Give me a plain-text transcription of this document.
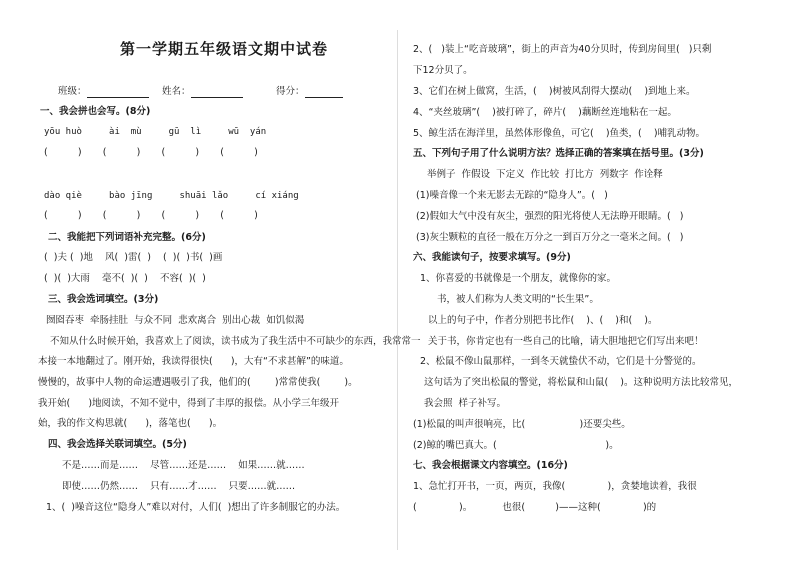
第一学期五年级语文期中试卷
班级：	姓名：	得分：
一、我会拼也会写。(8分)
yōu huò     ài  mù     gū  lì     wū  yán
(          )       (          )       (          )       (          )
dào qiè     bào jīng     shuāi lǎo     cí xiáng
(          )       (          )       (          )       (          )
二、我能把下列词语补充完整。(6分)
(  )夫 (  )地    风(  )雷(  )    (  )(  )书(  )画
(  )(  )大雨    毫不(  )(  )    不容(  )(  )
三、我会选词填空。(3分)
囫囵吞枣  牵肠挂肚  与众不同  悲欢离合  别出心裁  如饥似渴
不知从什么时候开始，我喜欢上了阅读，读书成为了我生活中不可缺少的东西，我常常一
本接一本地翻过了。刚开始，我读得很快(      )，大有“不求甚解”的味道。
慢慢的，故事中人物的命运遭遇吸引了我，他们的(        )常常使我(        )。
我开始(      )地阅读，不知不觉中，得到了丰厚的报偿。从小学三年级开
始，我的作文构思就(      )，落笔也(      )。
四、我会选择关联词填空。(5分)
不是……而是……    尽管……还是……    如果……就……
即使……仍然……    只有……才……    只要……就……
1、(  )噪音这位“隐身人”难以对付，人们(  )想出了许多制服它的办法。
2、(   )装上“吃音玻璃”，街上的声音为40分贝时，传到房间里(   )只剩
下12分贝了。
3、它们在树上做窝，生活，(    )树被风刮得大摆动(    )到地上来。
4、“夹丝玻璃”(    )被打碎了，碎片(    )藕断丝连地粘在一起。
5、鲸生活在海洋里，虽然体形像鱼，可它(    )鱼类，(    )哺乳动物。
五、下列句子用了什么说明方法？选择正确的答案填在括号里。(3分)
举例子  作假设  下定义  作比较  打比方  列数字  作诠释
(1)噪音像一个来无影去无踪的“隐身人”。(   )
(2)假如大气中没有灰尘，强烈的阳光将使人无法睁开眼睛。(   )
(3)灰尘颗粒的直径一般在万分之一到百万分之一毫米之间。(   )
六、我能读句子，按要求填写。(9分)
1、你喜爱的书就像是一个朋友，就像你的家。
书，被人们称为人类文明的“长生果”。
以上的句子中，作者分别把书比作(    )、(    )和(    )。
关于书，你肯定也有一些自己的比喻，请大胆地把它们写出来吧！
2、松鼠不像山鼠那样，一到冬天就蛰伏不动，它们是十分警觉的。
这句话为了突出松鼠的警觉，将松鼠和山鼠(    )。这种说明方法比较常见，
我会照  样子补写。
(1)松鼠的叫声很响亮，比(                  )还要尖些。
(2)鲸的嘴巴真大。(                                    )。
七、我会根据课文内容填空。(16分)
1、急忙打开书，一页，两页，我像(              )，贪婪地读着，我很
(              )。          也很(          )——这种(              )的
